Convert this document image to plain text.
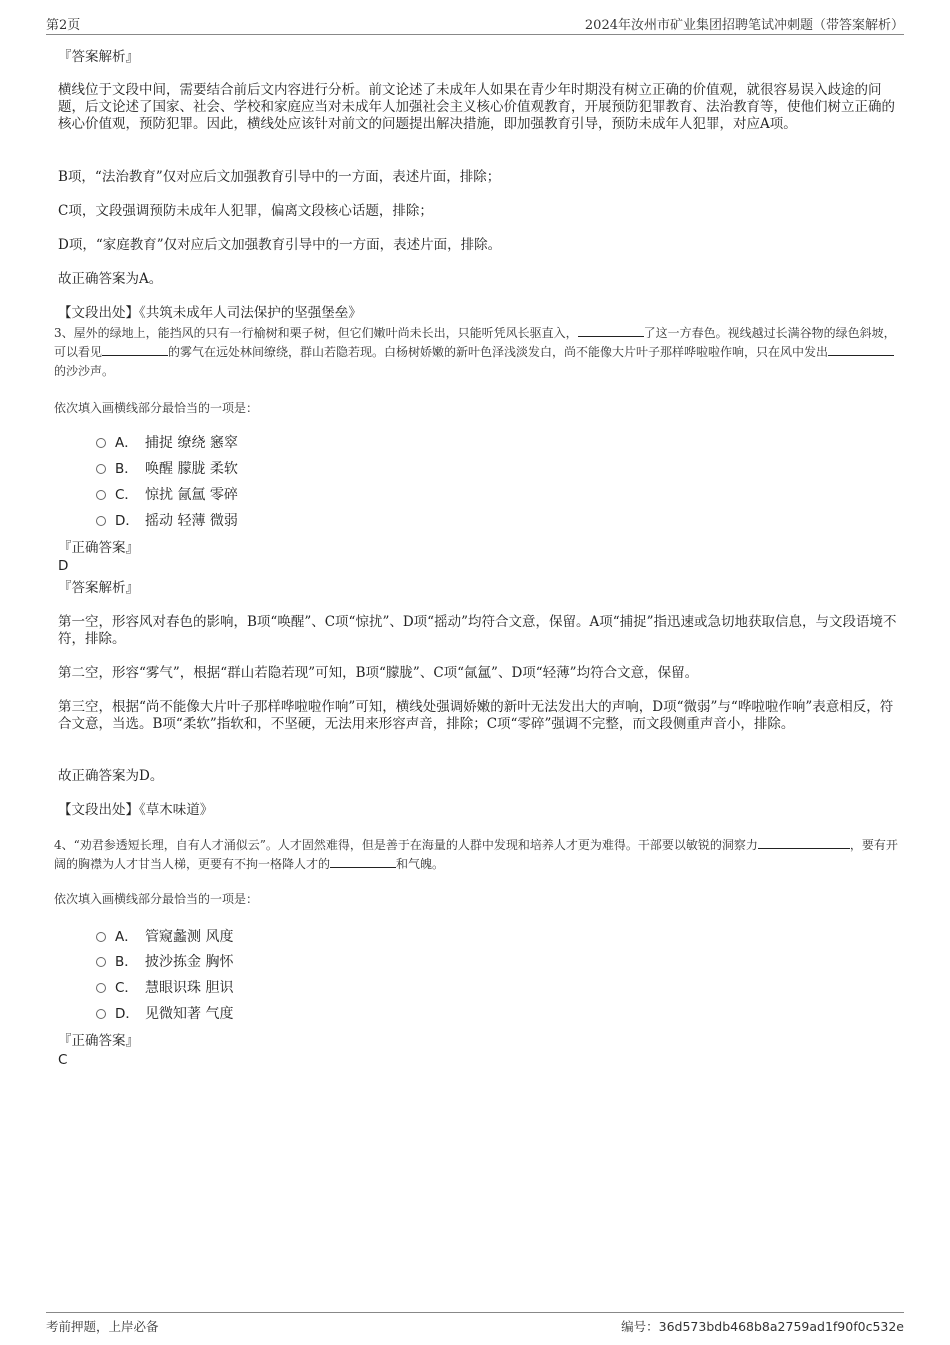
第2页	2024年汝州市矿业集团招聘笔试冲刺题（带答案解析）
『答案解析』
横线位于文段中间，需要结合前后文内容进行分析。前文论述了未成年人如果在青少年时期没有树立正确的价值观，就很容易误入歧途的问题，后文论述了国家、社会、学校和家庭应当对未成年人加强社会主义核心价值观教育，开展预防犯罪教育、法治教育等，使他们树立正确的核心价值观，预防犯罪。因此，横线处应该针对前文的问题提出解决措施，即加强教育引导，预防未成年人犯罪，对应A项。
B项，“法治教育”仅对应后文加强教育引导中的一方面，表述片面，排除；
C项，文段强调预防未成年人犯罪，偏离文段核心话题，排除；
D项，“家庭教育”仅对应后文加强教育引导中的一方面，表述片面，排除。
故正确答案为A。
【文段出处】《共筑未成年人司法保护的坚强堡垒》
3、屋外的绿地上，能挡风的只有一行榆树和栗子树，但它们嫩叶尚未长出，只能听凭风长驱直入，	了这一方春色。视线越过长满谷物的绿色斜坡，可以看见	的雾气在远处林间缭绕，群山若隐若现。白杨树娇嫩的新叶色泽浅淡发白，尚不能像大片叶子那样哗啦啦作响，只在风中发出的沙沙声。
依次填入画横线部分最恰当的一项是：
A． 捕捉 缭绕 窸窣
B． 唤醒 朦胧 柔软
C． 惊扰 氤氲 零碎
D． 摇动 轻薄 微弱
『正确答案』
D
『答案解析』
第一空，形容风对春色的影响，B项“唤醒”、C项“惊扰”、D项“摇动”均符合文意，保留。A项“捕捉”指迅速或急切地获取信息，与文段语境不符，排除。
第二空，形容“雾气”，根据“群山若隐若现”可知，B项“朦胧”、C项“氤氲”、D项“轻薄”均符合文意，保留。
第三空，根据“尚不能像大片叶子那样哗啦啦作响”可知，横线处强调娇嫩的新叶无法发出大的声响，D项“微弱”与“哗啦啦作响”表意相反，符合文意，当选。B项“柔软”指软和，不坚硬，无法用来形容声音，排除；C项“零碎”强调不完整，而文段侧重声音小，排除。
故正确答案为D。
【文段出处】《草木味道》
4、“劝君参透短长理，自有人才涌似云”。人才固然难得，但是善于在海量的人群中发现和培养人才更为难得。干部要以敏锐的洞察力	，要有开阔的胸襟为人才甘当人梯，更要有不拘一格降人才的	和气魄。
依次填入画横线部分最恰当的一项是：
A． 管窥蠡测 风度
B． 披沙拣金 胸怀
C． 慧眼识珠 胆识
D． 见微知著 气度
『正确答案』
C
考前押题，上岸必备	编号：36d573bdb468b8a2759ad1f90f0c532e
